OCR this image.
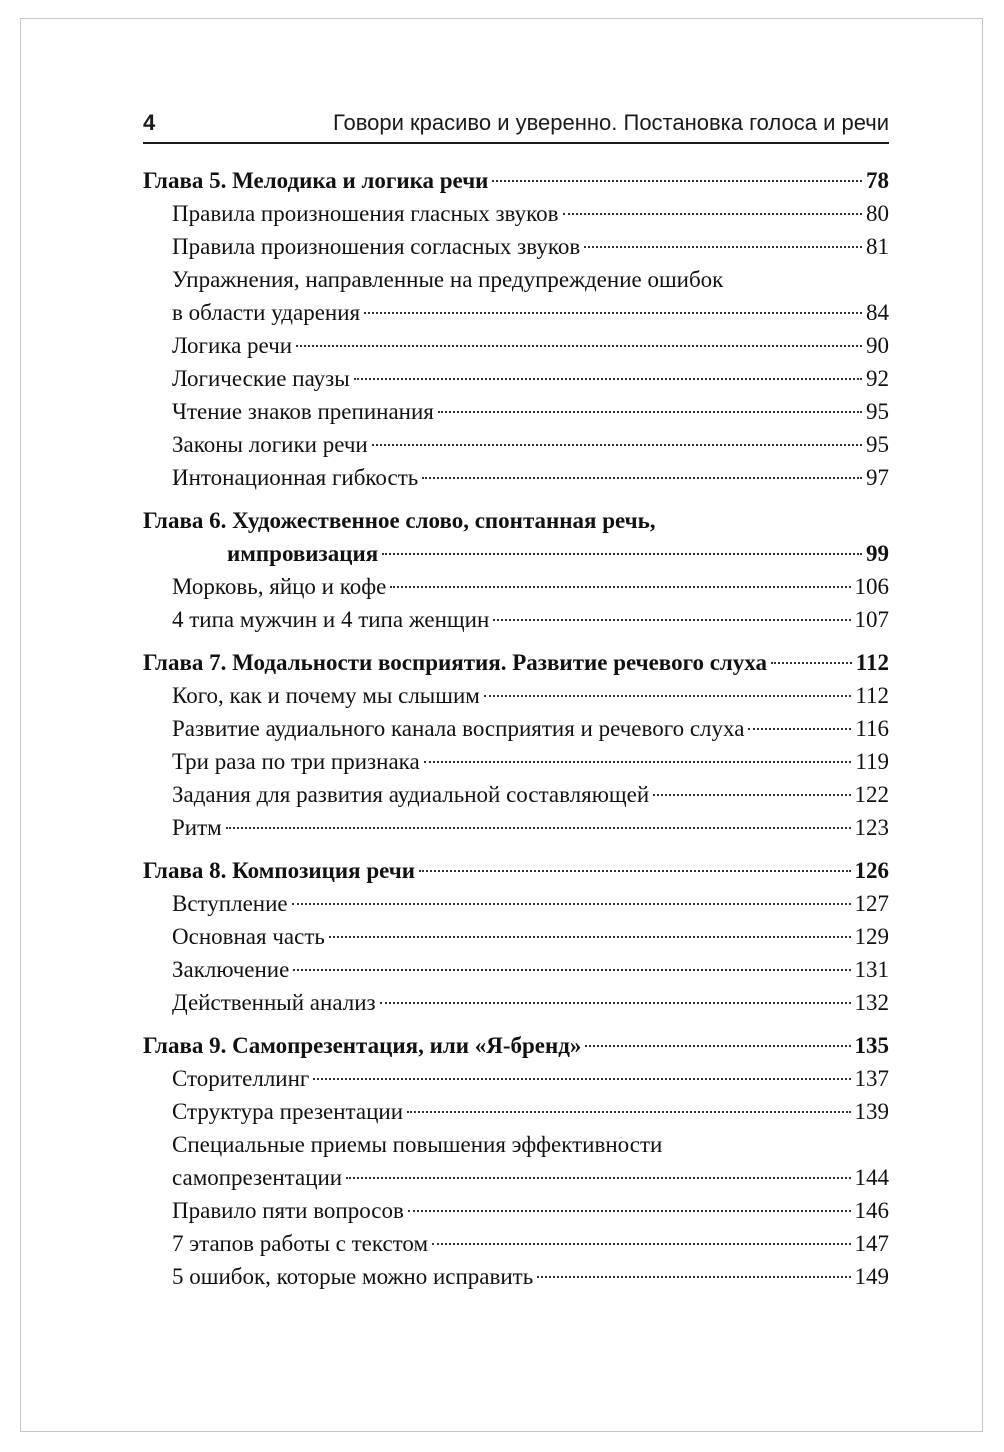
4	Говори красиво и уверенно. Постановка голоса и речи
Глава 5. Мелодика и логика речи	78
Правила произношения гласных звуков	80
Правила произношения согласных звуков	81
Упражнения, направленные на предупреждение ошибок
в области ударения	84
Логика речи	90
Логические паузы	92
Чтение знаков препинания	95
Законы логики речи	95
Интонационная гибкость	97
Глава 6. Художественное слово, спонтанная речь,
импровизация	99
Морковь, яйцо и кофе	106
4 типа мужчин и 4 типа женщин	107
Глава 7. Модальности восприятия. Развитие речевого слуха	112
Кого, как и почему мы слышим	112
Развитие аудиального канала восприятия и речевого слуха	116
Три раза по три признака	119
Задания для развития аудиальной составляющей	122
Ритм	123
Глава 8. Композиция речи	126
Вступление	127
Основная часть	129
Заключение	131
Действенный анализ	132
Глава 9. Самопрезентация, или «Я-бренд»	135
Сторителлинг	137
Структура презентации	139
Специальные приемы повышения эффективности
самопрезентации	144
Правило пяти вопросов	146
7 этапов работы с текстом	147
5 ошибок, которые можно исправить	149
